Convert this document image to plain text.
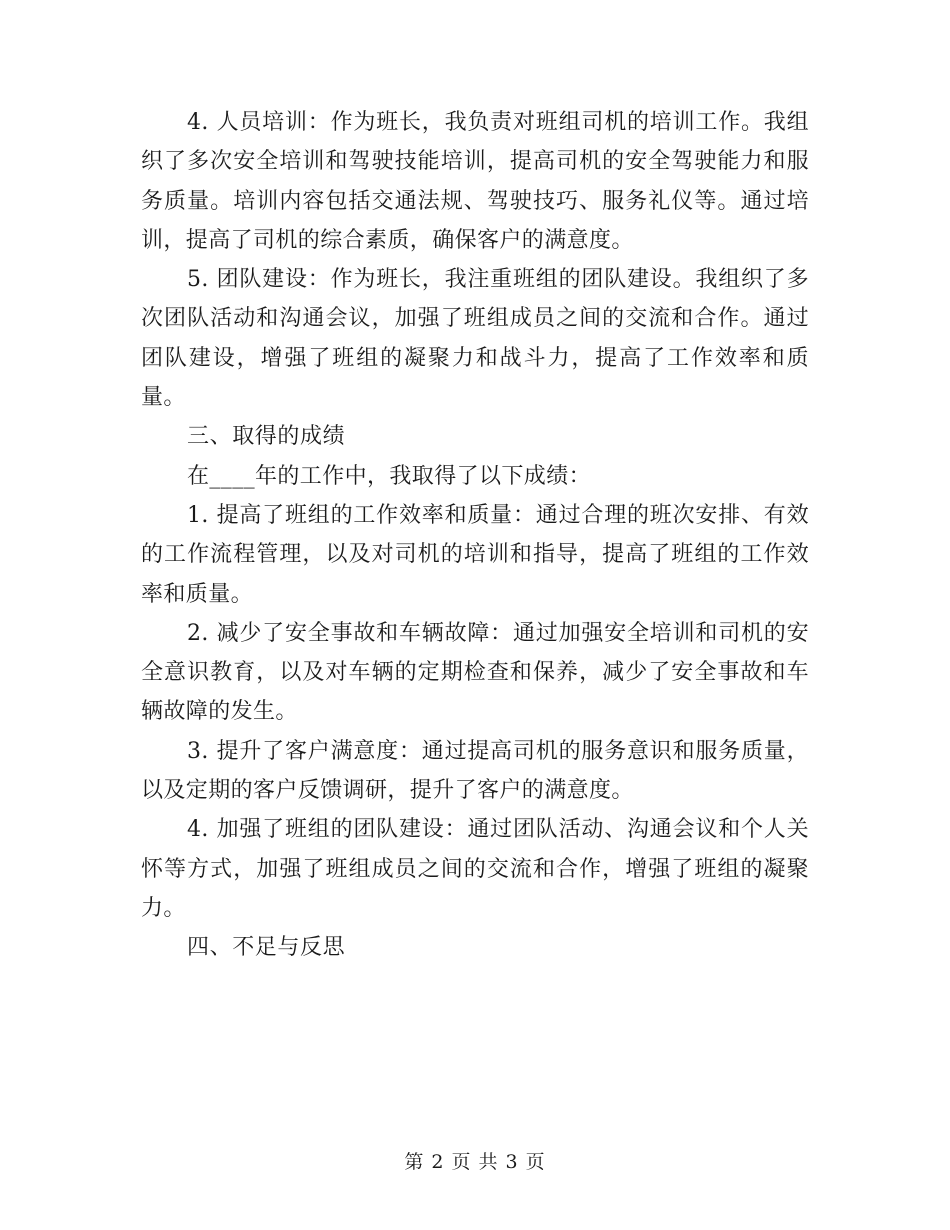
4. 人员培训：作为班长，我负责对班组司机的培训工作。我组织了多次安全培训和驾驶技能培训，提高司机的安全驾驶能力和服务质量。培训内容包括交通法规、驾驶技巧、服务礼仪等。通过培训，提高了司机的综合素质，确保客户的满意度。

5. 团队建设：作为班长，我注重班组的团队建设。我组织了多次团队活动和沟通会议，加强了班组成员之间的交流和合作。通过团队建设，增强了班组的凝聚力和战斗力，提高了工作效率和质量。

三、取得的成绩

在____年的工作中，我取得了以下成绩：

1. 提高了班组的工作效率和质量：通过合理的班次安排、有效的工作流程管理，以及对司机的培训和指导，提高了班组的工作效率和质量。

2. 减少了安全事故和车辆故障：通过加强安全培训和司机的安全意识教育，以及对车辆的定期检查和保养，减少了安全事故和车辆故障的发生。

3. 提升了客户满意度：通过提高司机的服务意识和服务质量，以及定期的客户反馈调研，提升了客户的满意度。

4. 加强了班组的团队建设：通过团队活动、沟通会议和个人关怀等方式，加强了班组成员之间的交流和合作，增强了班组的凝聚力。

四、不足与反思

第 2 页 共 3 页
